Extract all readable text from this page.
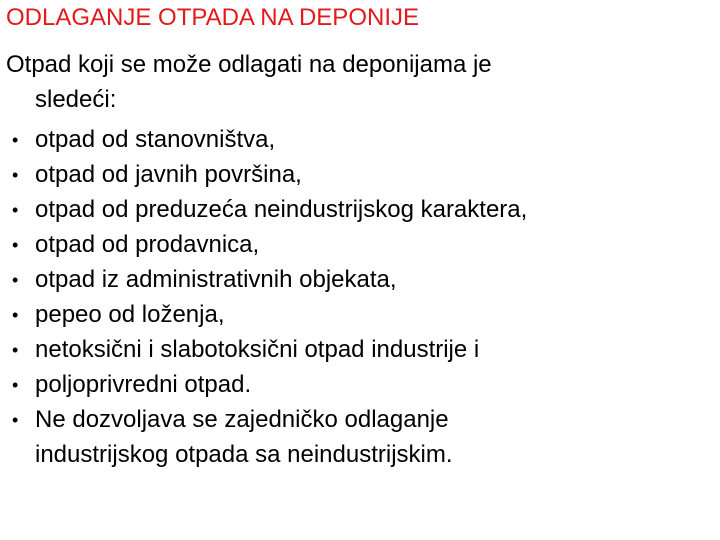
ODLAGANJE OTPADA NA DEPONIJE
Otpad koji se može odlagati na deponijama je
sledeći:
• otpad od stanovništva,
• otpad od javnih površina,
• otpad od preduzeća neindustrijskog karaktera,
• otpad od prodavnica,
• otpad iz administrativnih objekata,
• pepeo od loženja,
• netoksični i slabotoksični otpad industrije i
• poljoprivredni otpad.
• Ne dozvoljava se zajedničko odlaganje
industrijskog otpada sa neindustrijskim.
